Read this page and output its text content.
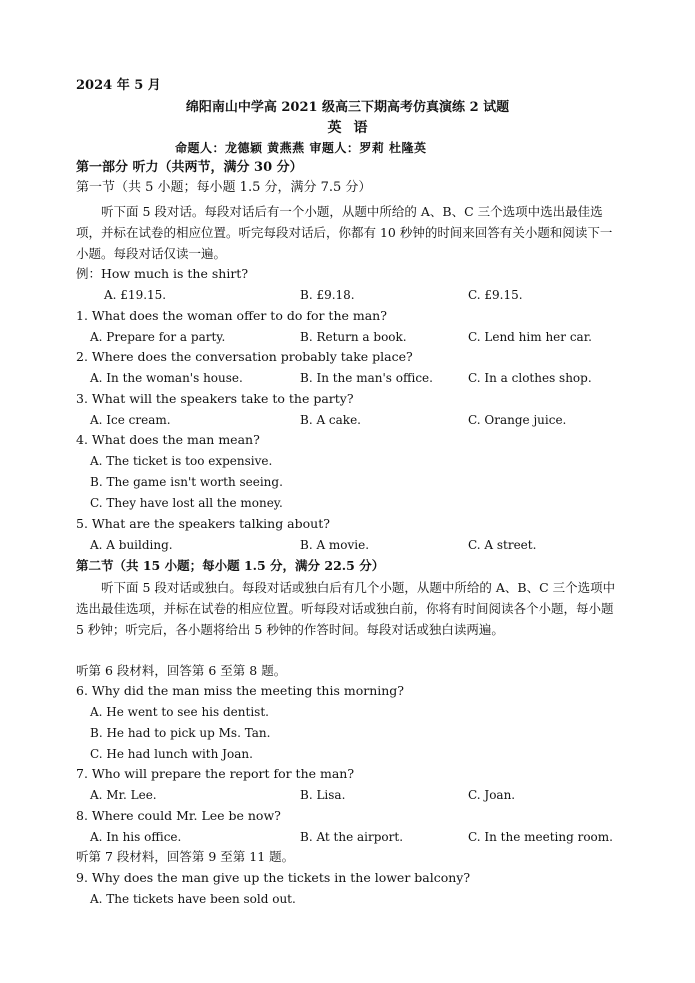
2024 年 5 月
绵阳南山中学高 2021 级高三下期高考仿真演练 2 试题
英语
命题人：龙德颖 黄燕燕 审题人：罗莉 杜隆英
第一部分 听力（共两节，满分 30 分）
第一节（共 5 小题；每小题 1.5 分，满分 7.5 分）
听下面 5 段对话。每段对话后有一个小题，从题中所给的 A、B、C 三个选项中选出最佳选项，并标在试卷的相应位置。听完每段对话后，你都有 10 秒钟的时间来回答有关小题和阅读下一小题。每段对话仅读一遍。
例：How much is the shirt?
A. £19.15.	B. £9.18.	C. £9.15.
1. What does the woman offer to do for the man?
A. Prepare for a party.	B. Return a book.	C. Lend him her car.
2. Where does the conversation probably take place?
A. In the woman's house.	B. In the man's office.	C. In a clothes shop.
3. What will the speakers take to the party?
A. Ice cream.	B. A cake.	C. Orange juice.
4. What does the man mean?
A. The ticket is too expensive.
B. The game isn't worth seeing.
C. They have lost all the money.
5. What are the speakers talking about?
A. A building.	B. A movie.	C. A street.
第二节（共 15 小题；每小题 1.5 分，满分 22.5 分）
听下面 5 段对话或独白。每段对话或独白后有几个小题，从题中所给的 A、B、C 三个选项中选出最佳选项，并标在试卷的相应位置。听每段对话或独白前，你将有时间阅读各个小题，每小题 5 秒钟；听完后，各小题将给出 5 秒钟的作答时间。每段对话或独白读两遍。
听第 6 段材料，回答第 6 至第 8 题。
6. Why did the man miss the meeting this morning?
A. He went to see his dentist.
B. He had to pick up Ms. Tan.
C. He had lunch with Joan.
7. Who will prepare the report for the man?
A. Mr. Lee.	B. Lisa.	C. Joan.
8. Where could Mr. Lee be now?
A. In his office.	B. At the airport.	C. In the meeting room.
听第 7 段材料，回答第 9 至第 11 题。
9. Why does the man give up the tickets in the lower balcony?
A. The tickets have been sold out.
